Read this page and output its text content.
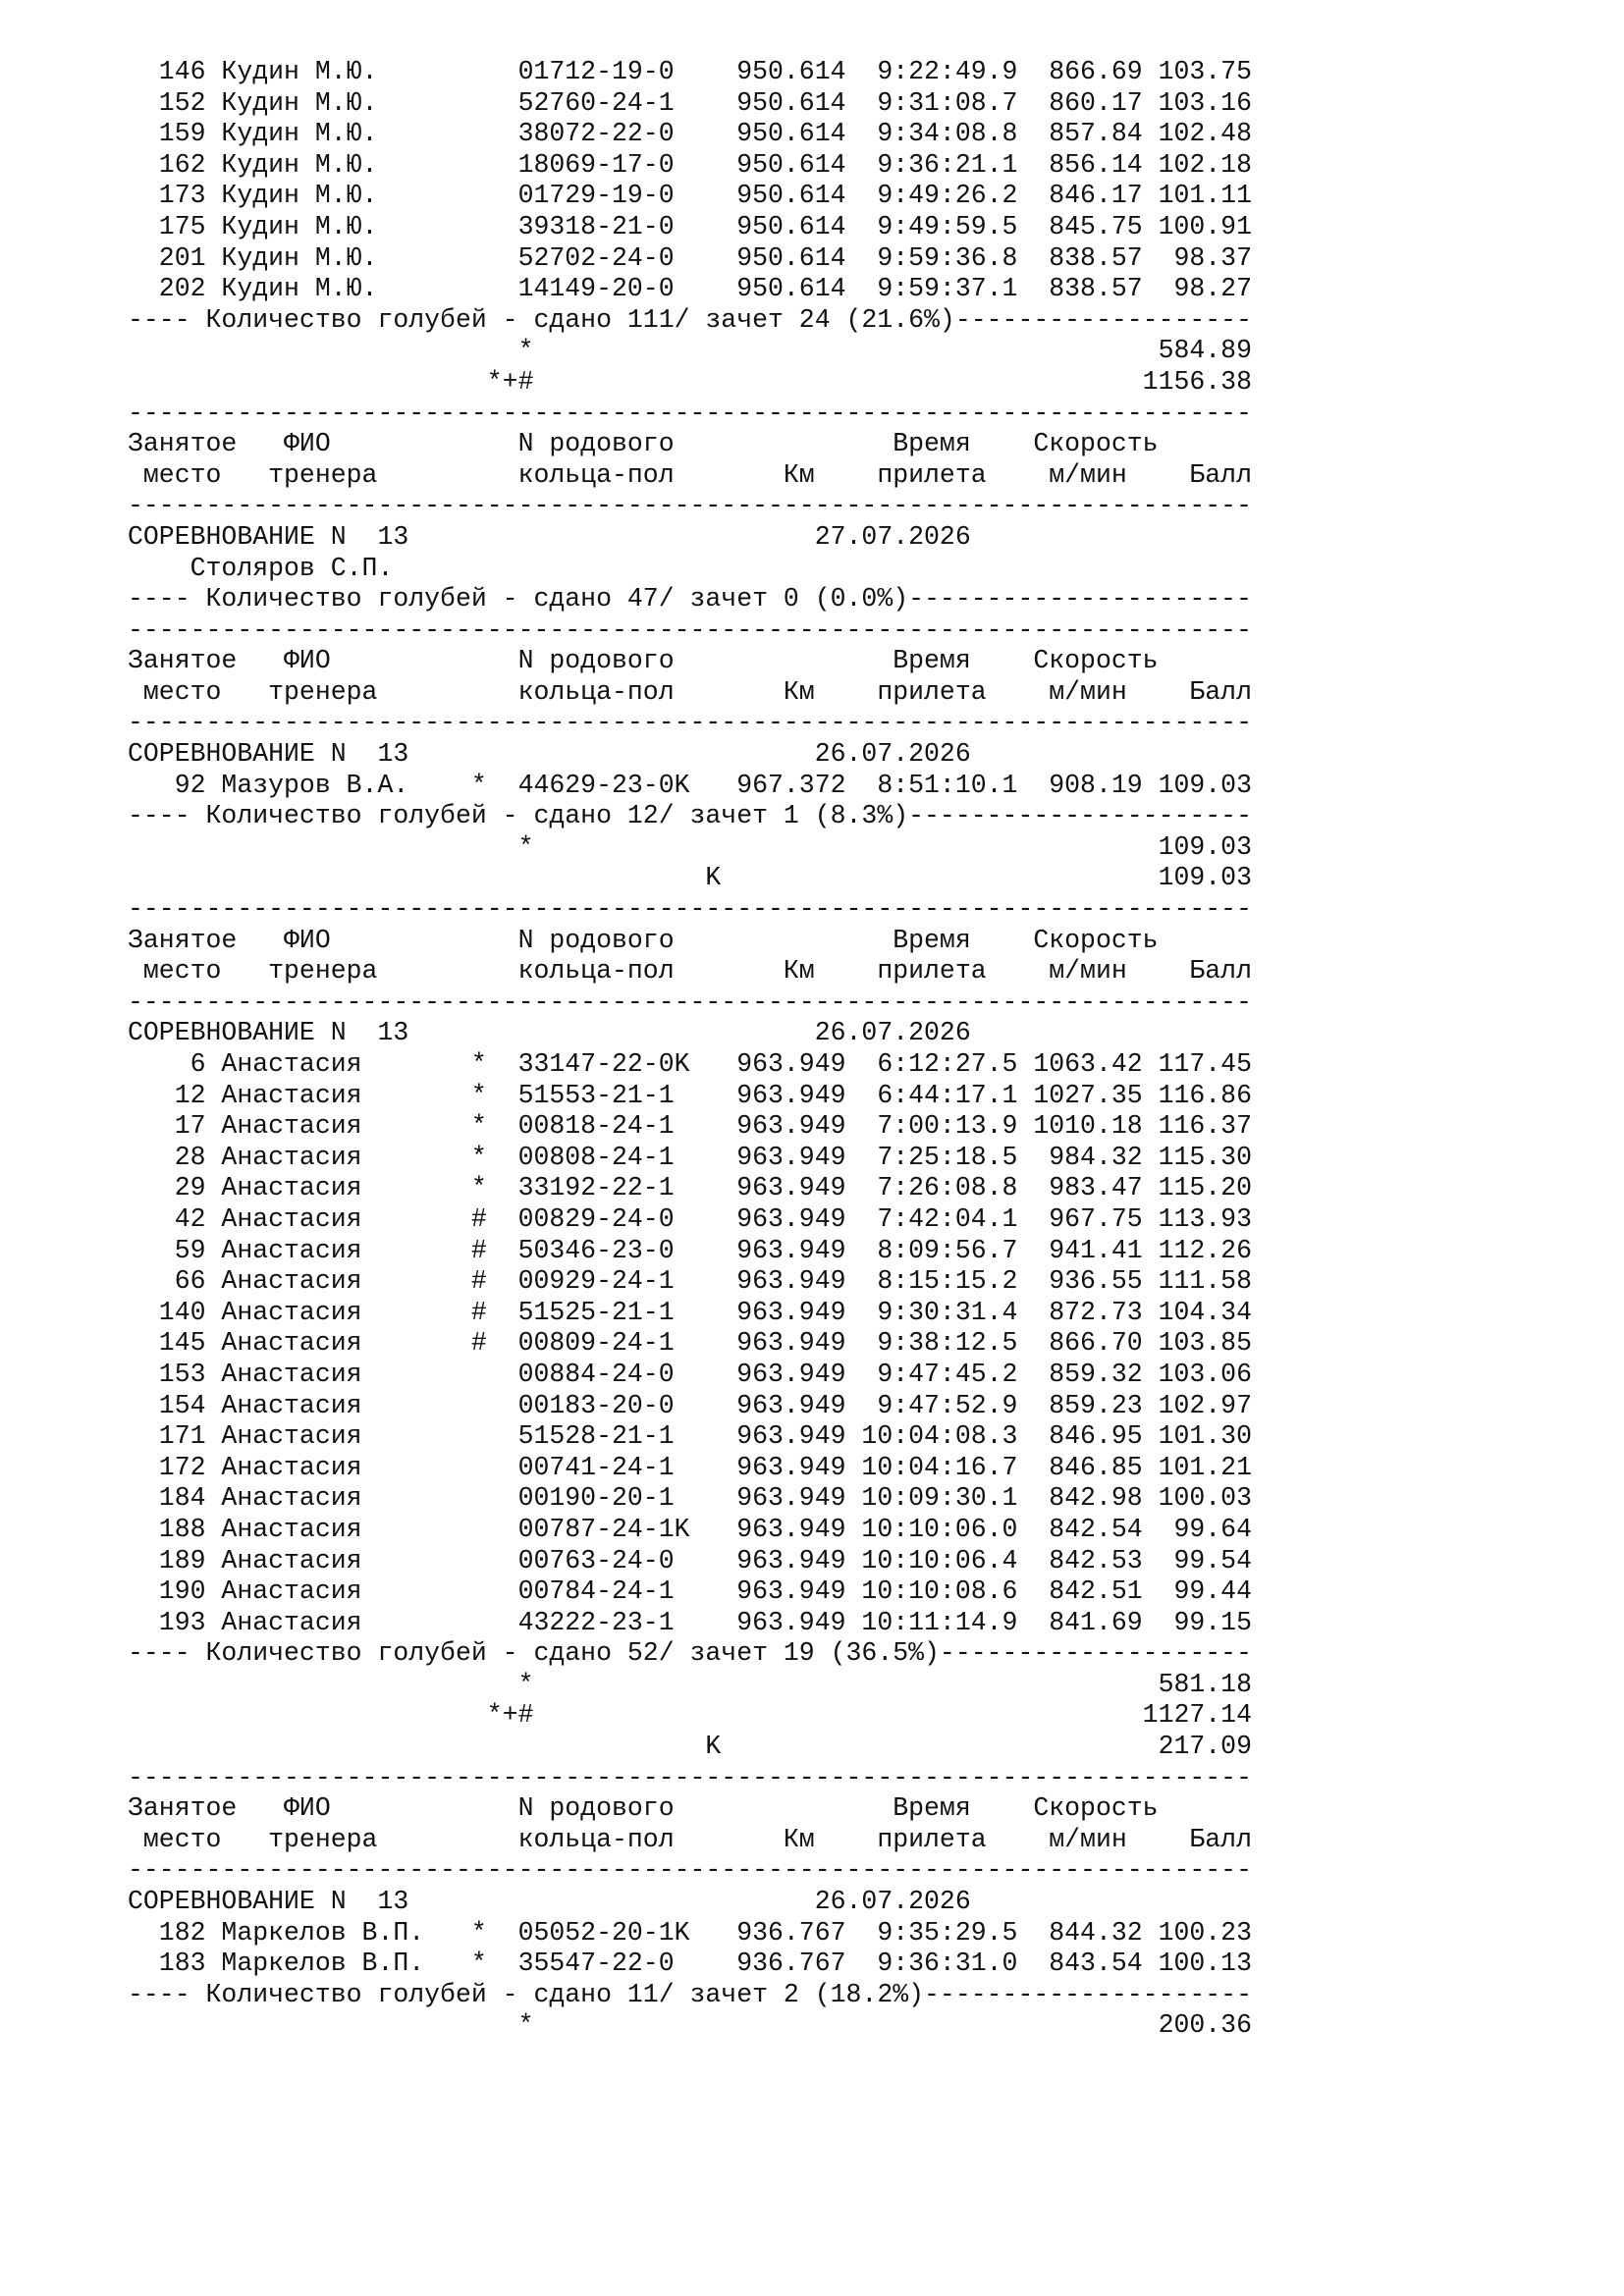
146 Кудин М.Ю.         01712-19-0    950.614  9:22:49.9  866.69 103.75
152 Кудин М.Ю.         52760-24-1    950.614  9:31:08.7  860.17 103.16
159 Кудин М.Ю.         38072-22-0    950.614  9:34:08.8  857.84 102.48
162 Кудин М.Ю.         18069-17-0    950.614  9:36:21.1  856.14 102.18
173 Кудин М.Ю.         01729-19-0    950.614  9:49:26.2  846.17 101.11
175 Кудин М.Ю.         39318-21-0    950.614  9:49:59.5  845.75 100.91
201 Кудин М.Ю.         52702-24-0    950.614  9:59:36.8  838.57  98.37
202 Кудин М.Ю.         14149-20-0    950.614  9:59:37.1  838.57  98.27
---- Количество голубей - сдано 111/ зачет 24 (21.6%)-------------------
*                                        584.89
*+#                                       1156.38
------------------------------------------------------------------------
Занятое   ФИО            N родового              Время    Скорость
место   тренера         кольца-пол       Км    прилета    м/мин    Балл
------------------------------------------------------------------------
СОРЕВНОВАНИЕ N  13                          27.07.2026
Столяров С.П.
---- Количество голубей - сдано 47/ зачет 0 (0.0%)----------------------
------------------------------------------------------------------------
Занятое   ФИО            N родового              Время    Скорость
место   тренера         кольца-пол       Км    прилета    м/мин    Балл
------------------------------------------------------------------------
СОРЕВНОВАНИЕ N  13                          26.07.2026
92 Мазуров В.А.    *  44629-23-0K   967.372  8:51:10.1  908.19 109.03
---- Количество голубей - сдано 12/ зачет 1 (8.3%)----------------------
*                                        109.03
K                            109.03
------------------------------------------------------------------------
Занятое   ФИО            N родового              Время    Скорость
место   тренера         кольца-пол       Км    прилета    м/мин    Балл
------------------------------------------------------------------------
СОРЕВНОВАНИЕ N  13                          26.07.2026
6 Анастасия       *  33147-22-0K   963.949  6:12:27.5 1063.42 117.45
12 Анастасия       *  51553-21-1    963.949  6:44:17.1 1027.35 116.86
17 Анастасия       *  00818-24-1    963.949  7:00:13.9 1010.18 116.37
28 Анастасия       *  00808-24-1    963.949  7:25:18.5  984.32 115.30
29 Анастасия       *  33192-22-1    963.949  7:26:08.8  983.47 115.20
42 Анастасия       #  00829-24-0    963.949  7:42:04.1  967.75 113.93
59 Анастасия       #  50346-23-0    963.949  8:09:56.7  941.41 112.26
66 Анастасия       #  00929-24-1    963.949  8:15:15.2  936.55 111.58
140 Анастасия       #  51525-21-1    963.949  9:30:31.4  872.73 104.34
145 Анастасия       #  00809-24-1    963.949  9:38:12.5  866.70 103.85
153 Анастасия          00884-24-0    963.949  9:47:45.2  859.32 103.06
154 Анастасия          00183-20-0    963.949  9:47:52.9  859.23 102.97
171 Анастасия          51528-21-1    963.949 10:04:08.3  846.95 101.30
172 Анастасия          00741-24-1    963.949 10:04:16.7  846.85 101.21
184 Анастасия          00190-20-1    963.949 10:09:30.1  842.98 100.03
188 Анастасия          00787-24-1K   963.949 10:10:06.0  842.54  99.64
189 Анастасия          00763-24-0    963.949 10:10:06.4  842.53  99.54
190 Анастасия          00784-24-1    963.949 10:10:08.6  842.51  99.44
193 Анастасия          43222-23-1    963.949 10:11:14.9  841.69  99.15
---- Количество голубей - сдано 52/ зачет 19 (36.5%)--------------------
*                                        581.18
*+#                                       1127.14
K                            217.09
------------------------------------------------------------------------
Занятое   ФИО            N родового              Время    Скорость
место   тренера         кольца-пол       Км    прилета    м/мин    Балл
------------------------------------------------------------------------
СОРЕВНОВАНИЕ N  13                          26.07.2026
182 Маркелов В.П.   *  05052-20-1K   936.767  9:35:29.5  844.32 100.23
183 Маркелов В.П.   *  35547-22-0    936.767  9:36:31.0  843.54 100.13
---- Количество голубей - сдано 11/ зачет 2 (18.2%)---------------------
*                                        200.36
